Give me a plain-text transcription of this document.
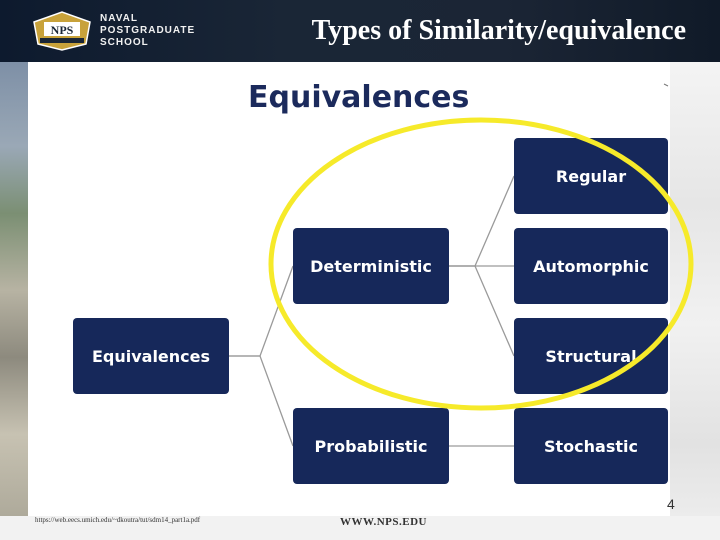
NPS
NAVAL
POSTGRADUATE
SCHOOL	Types of Similarity/equivalence
Equivalences
Equivalences
Deterministic
Probabilistic
Regular
Automorphic
Structural
Stochastic
4
https://web.eecs.umich.edu/~dkoutra/tut/sdm14_part1a.pdf	WWW.NPS.EDU
